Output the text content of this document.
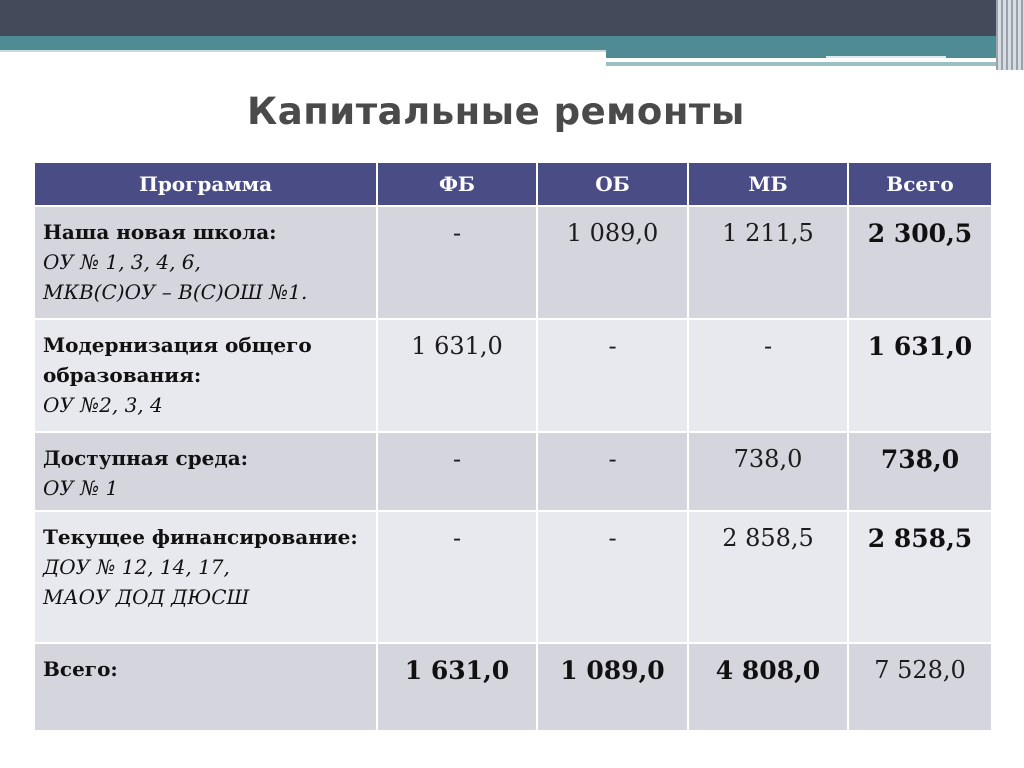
Капитальные ремонты
Программа	ФБ	ОБ	МБ	Всего

Наша новая школа:
ОУ № 1, 3, 4, 6,
МКВ(С)ОУ – В(С)ОШ №1.	-	1 089,0	1 211,5	2 300,5

Модернизация общего образования:
ОУ №2, 3, 4	1 631,0	-	-	1 631,0

Доступная среда:
ОУ № 1	-	-	738,0	738,0

Текущее финансирование:
ДОУ № 12, 14, 17,
МАОУ ДОД ДЮСШ	-	-	2 858,5	2 858,5

Всего:	1 631,0	1 089,0	4 808,0	7 528,0
